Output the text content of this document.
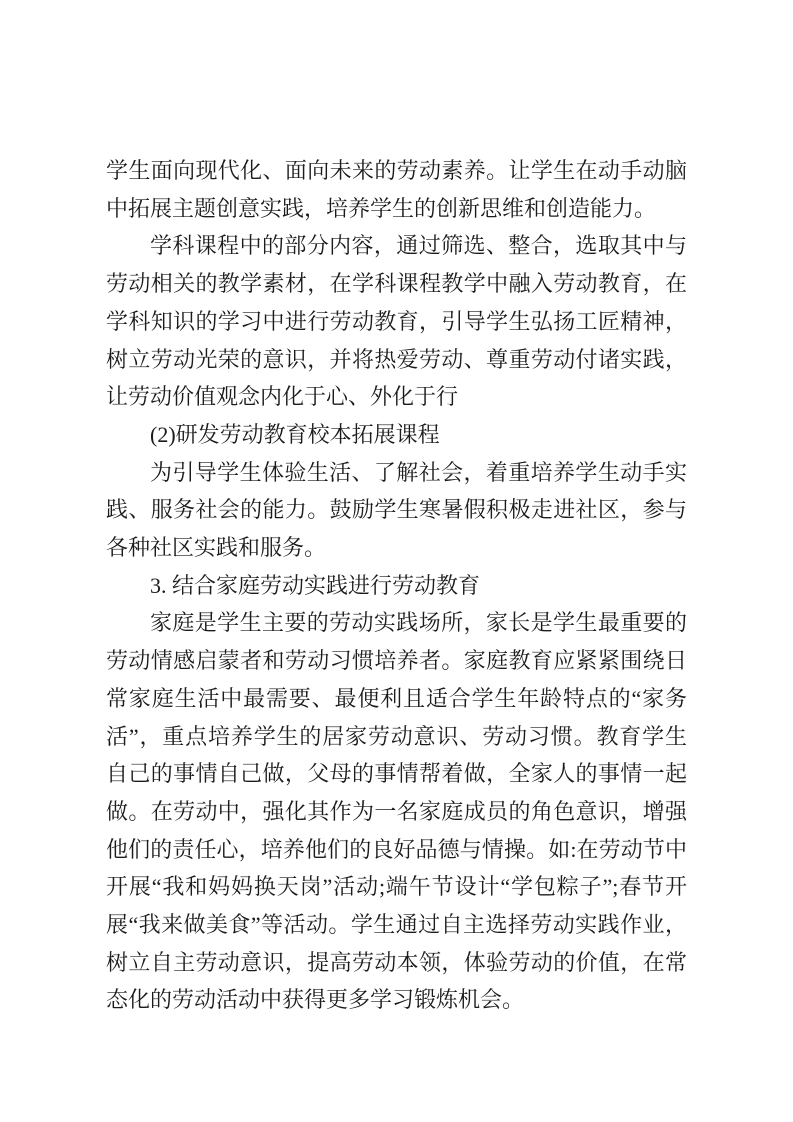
学生面向现代化、面向未来的劳动素养。让学生在动手动脑中拓展主题创意实践，培养学生的创新思维和创造能力。

学科课程中的部分内容，通过筛选、整合，选取其中与劳动相关的教学素材，在学科课程教学中融入劳动教育，在学科知识的学习中进行劳动教育，引导学生弘扬工匠精神，树立劳动光荣的意识，并将热爱劳动、尊重劳动付诸实践，让劳动价值观念内化于心、外化于行

(2)研发劳动教育校本拓展课程

为引导学生体验生活、了解社会，着重培养学生动手实践、服务社会的能力。鼓励学生寒暑假积极走进社区，参与各种社区实践和服务。

3. 结合家庭劳动实践进行劳动教育

家庭是学生主要的劳动实践场所，家长是学生最重要的劳动情感启蒙者和劳动习惯培养者。家庭教育应紧紧围绕日常家庭生活中最需要、最便利且适合学生年龄特点的“家务活”，重点培养学生的居家劳动意识、劳动习惯。教育学生自己的事情自己做，父母的事情帮着做，全家人的事情一起做。在劳动中，强化其作为一名家庭成员的角色意识，增强他们的责任心，培养他们的良好品德与情操。如:在劳动节中开展“我和妈妈换天岗”活动;端午节设计“学包粽子”;春节开展“我来做美食”等活动。学生通过自主选择劳动实践作业，树立自主劳动意识，提高劳动本领，体验劳动的价值，在常态化的劳动活动中获得更多学习锻炼机会。
